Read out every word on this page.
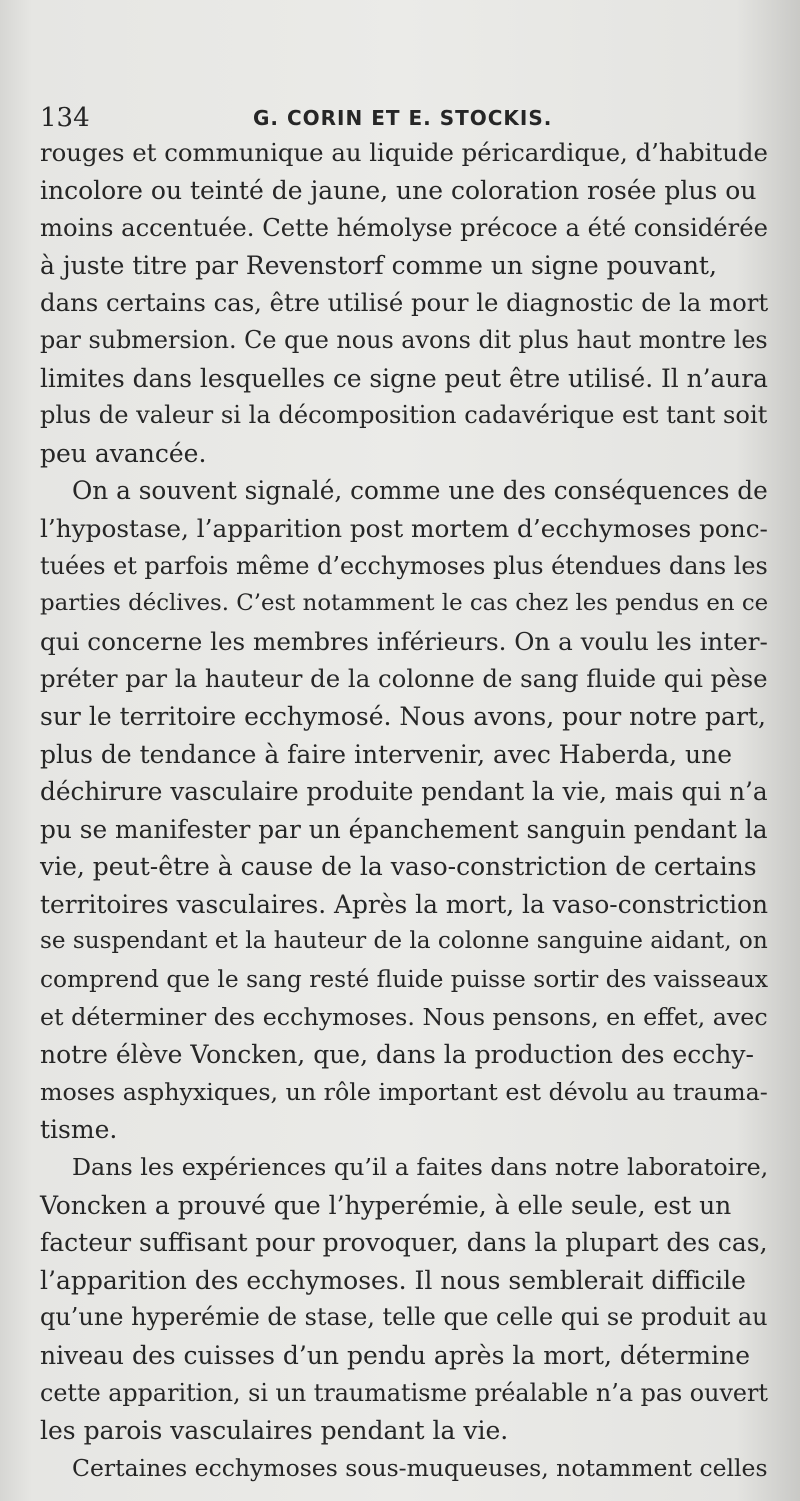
134	G. CORIN ET E. STOCKIS.
rouges et communique au liquide péricardique, d’habitude
incolore ou teinté de jaune, une coloration rosée plus ou
moins accentuée. Cette hémolyse précoce a été considérée
à juste titre par Revenstorf comme un signe pouvant,
dans certains cas, être utilisé pour le diagnostic de la mort
par submersion. Ce que nous avons dit plus haut montre les
limites dans lesquelles ce signe peut être utilisé. Il n’aura
plus de valeur si la décomposition cadavérique est tant soit
peu avancée.
On a souvent signalé, comme une des conséquences de
l’hypostase, l’apparition post mortem d’ecchymoses ponc-
tuées et parfois même d’ecchymoses plus étendues dans les
parties déclives. C’est notamment le cas chez les pendus en ce
qui concerne les membres inférieurs. On a voulu les inter-
préter par la hauteur de la colonne de sang fluide qui pèse
sur le territoire ecchymosé. Nous avons, pour notre part,
plus de tendance à faire intervenir, avec Haberda, une
déchirure vasculaire produite pendant la vie, mais qui n’a
pu se manifester par un épanchement sanguin pendant la
vie, peut-être à cause de la vaso-constriction de certains
territoires vasculaires. Après la mort, la vaso-constriction
se suspendant et la hauteur de la colonne sanguine aidant, on
comprend que le sang resté fluide puisse sortir des vaisseaux
et déterminer des ecchymoses. Nous pensons, en effet, avec
notre élève Voncken, que, dans la production des ecchy-
moses asphyxiques, un rôle important est dévolu au trauma-
tisme.
Dans les expériences qu’il a faites dans notre laboratoire,
Voncken a prouvé que l’hyperémie, à elle seule, est un
facteur suffisant pour provoquer, dans la plupart des cas,
l’apparition des ecchymoses. Il nous semblerait difficile
qu’une hyperémie de stase, telle que celle qui se produit au
niveau des cuisses d’un pendu après la mort, détermine
cette apparition, si un traumatisme préalable n’a pas ouvert
les parois vasculaires pendant la vie.
Certaines ecchymoses sous-muqueuses, notamment celles
